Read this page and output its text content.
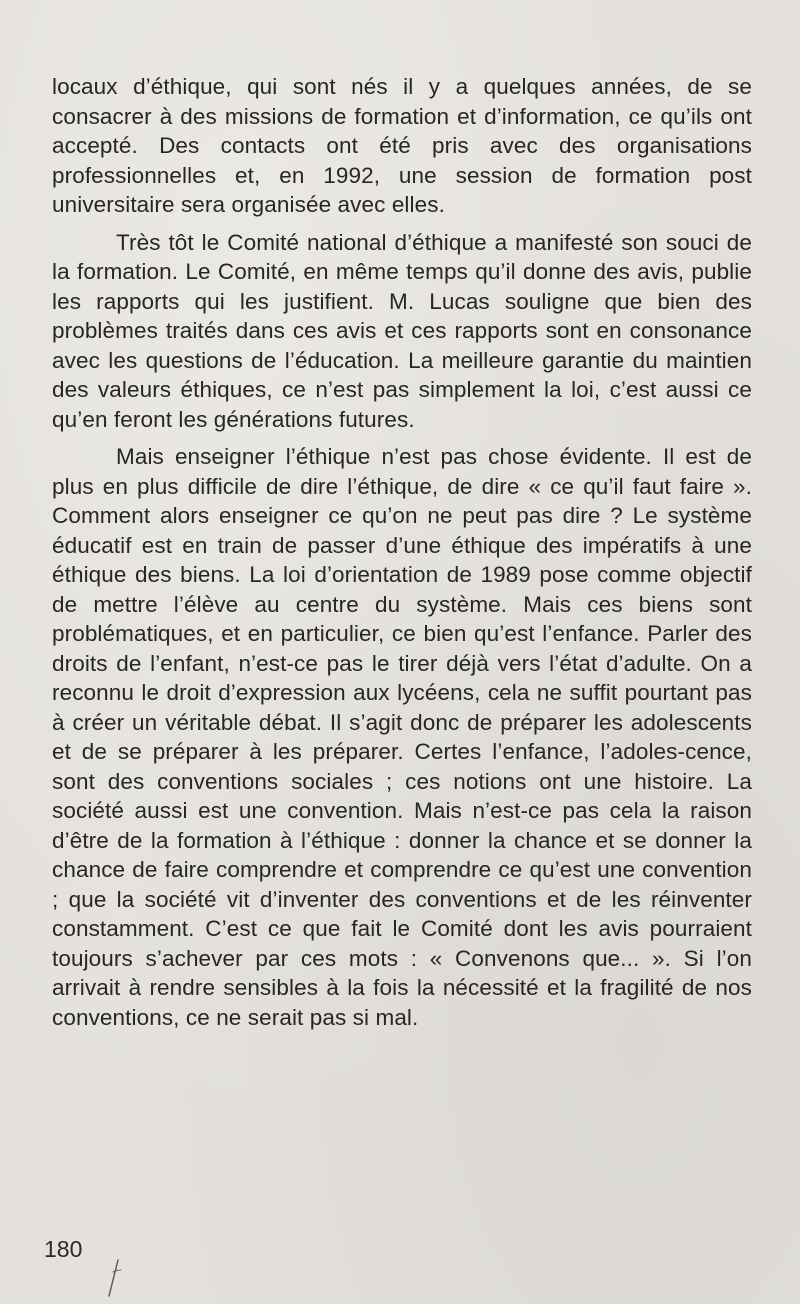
locaux d’éthique, qui sont nés il y a quelques années, de se consacrer à des missions de formation et d’information, ce qu’ils ont accepté. Des contacts ont été pris avec des organisations professionnelles et, en 1992, une session de formation post universitaire sera organisée avec elles.

Très tôt le Comité national d’éthique a manifesté son souci de la formation. Le Comité, en même temps qu’il donne des avis, publie les rapports qui les justifient. M. Lucas souligne que bien des problèmes traités dans ces avis et ces rapports sont en consonance avec les questions de l’éducation. La meilleure garantie du maintien des valeurs éthiques, ce n’est pas simplement la loi, c’est aussi ce qu’en feront les générations futures.

Mais enseigner l’éthique n’est pas chose évidente. Il est de plus en plus difficile de dire l’éthique, de dire « ce qu’il faut faire ». Comment alors enseigner ce qu’on ne peut pas dire ? Le système éducatif est en train de passer d’une éthique des impératifs à une éthique des biens. La loi d’orientation de 1989 pose comme objectif de mettre l’élève au centre du système. Mais ces biens sont problématiques, et en particulier, ce bien qu’est l’enfance. Parler des droits de l’enfant, n’est-ce pas le tirer déjà vers l’état d’adulte. On a reconnu le droit d’expression aux lycéens, cela ne suffit pourtant pas à créer un véritable débat. Il s’agit donc de préparer les adolescents et de se préparer à les préparer. Certes l’enfance, l’adoles-cence, sont des conventions sociales ; ces notions ont une histoire. La société aussi est une convention. Mais n’est-ce pas cela la raison d’être de la formation à l’éthique : donner la chance et se donner la chance de faire comprendre et comprendre ce qu’est une convention ; que la société vit d’inventer des conventions et de les réinventer constamment. C’est ce que fait le Comité dont les avis pourraient toujours s’achever par ces mots : « Convenons que... ». Si l’on arrivait à rendre sensibles à la fois la nécessité et la fragilité de nos conventions, ce ne serait pas si mal.

180
